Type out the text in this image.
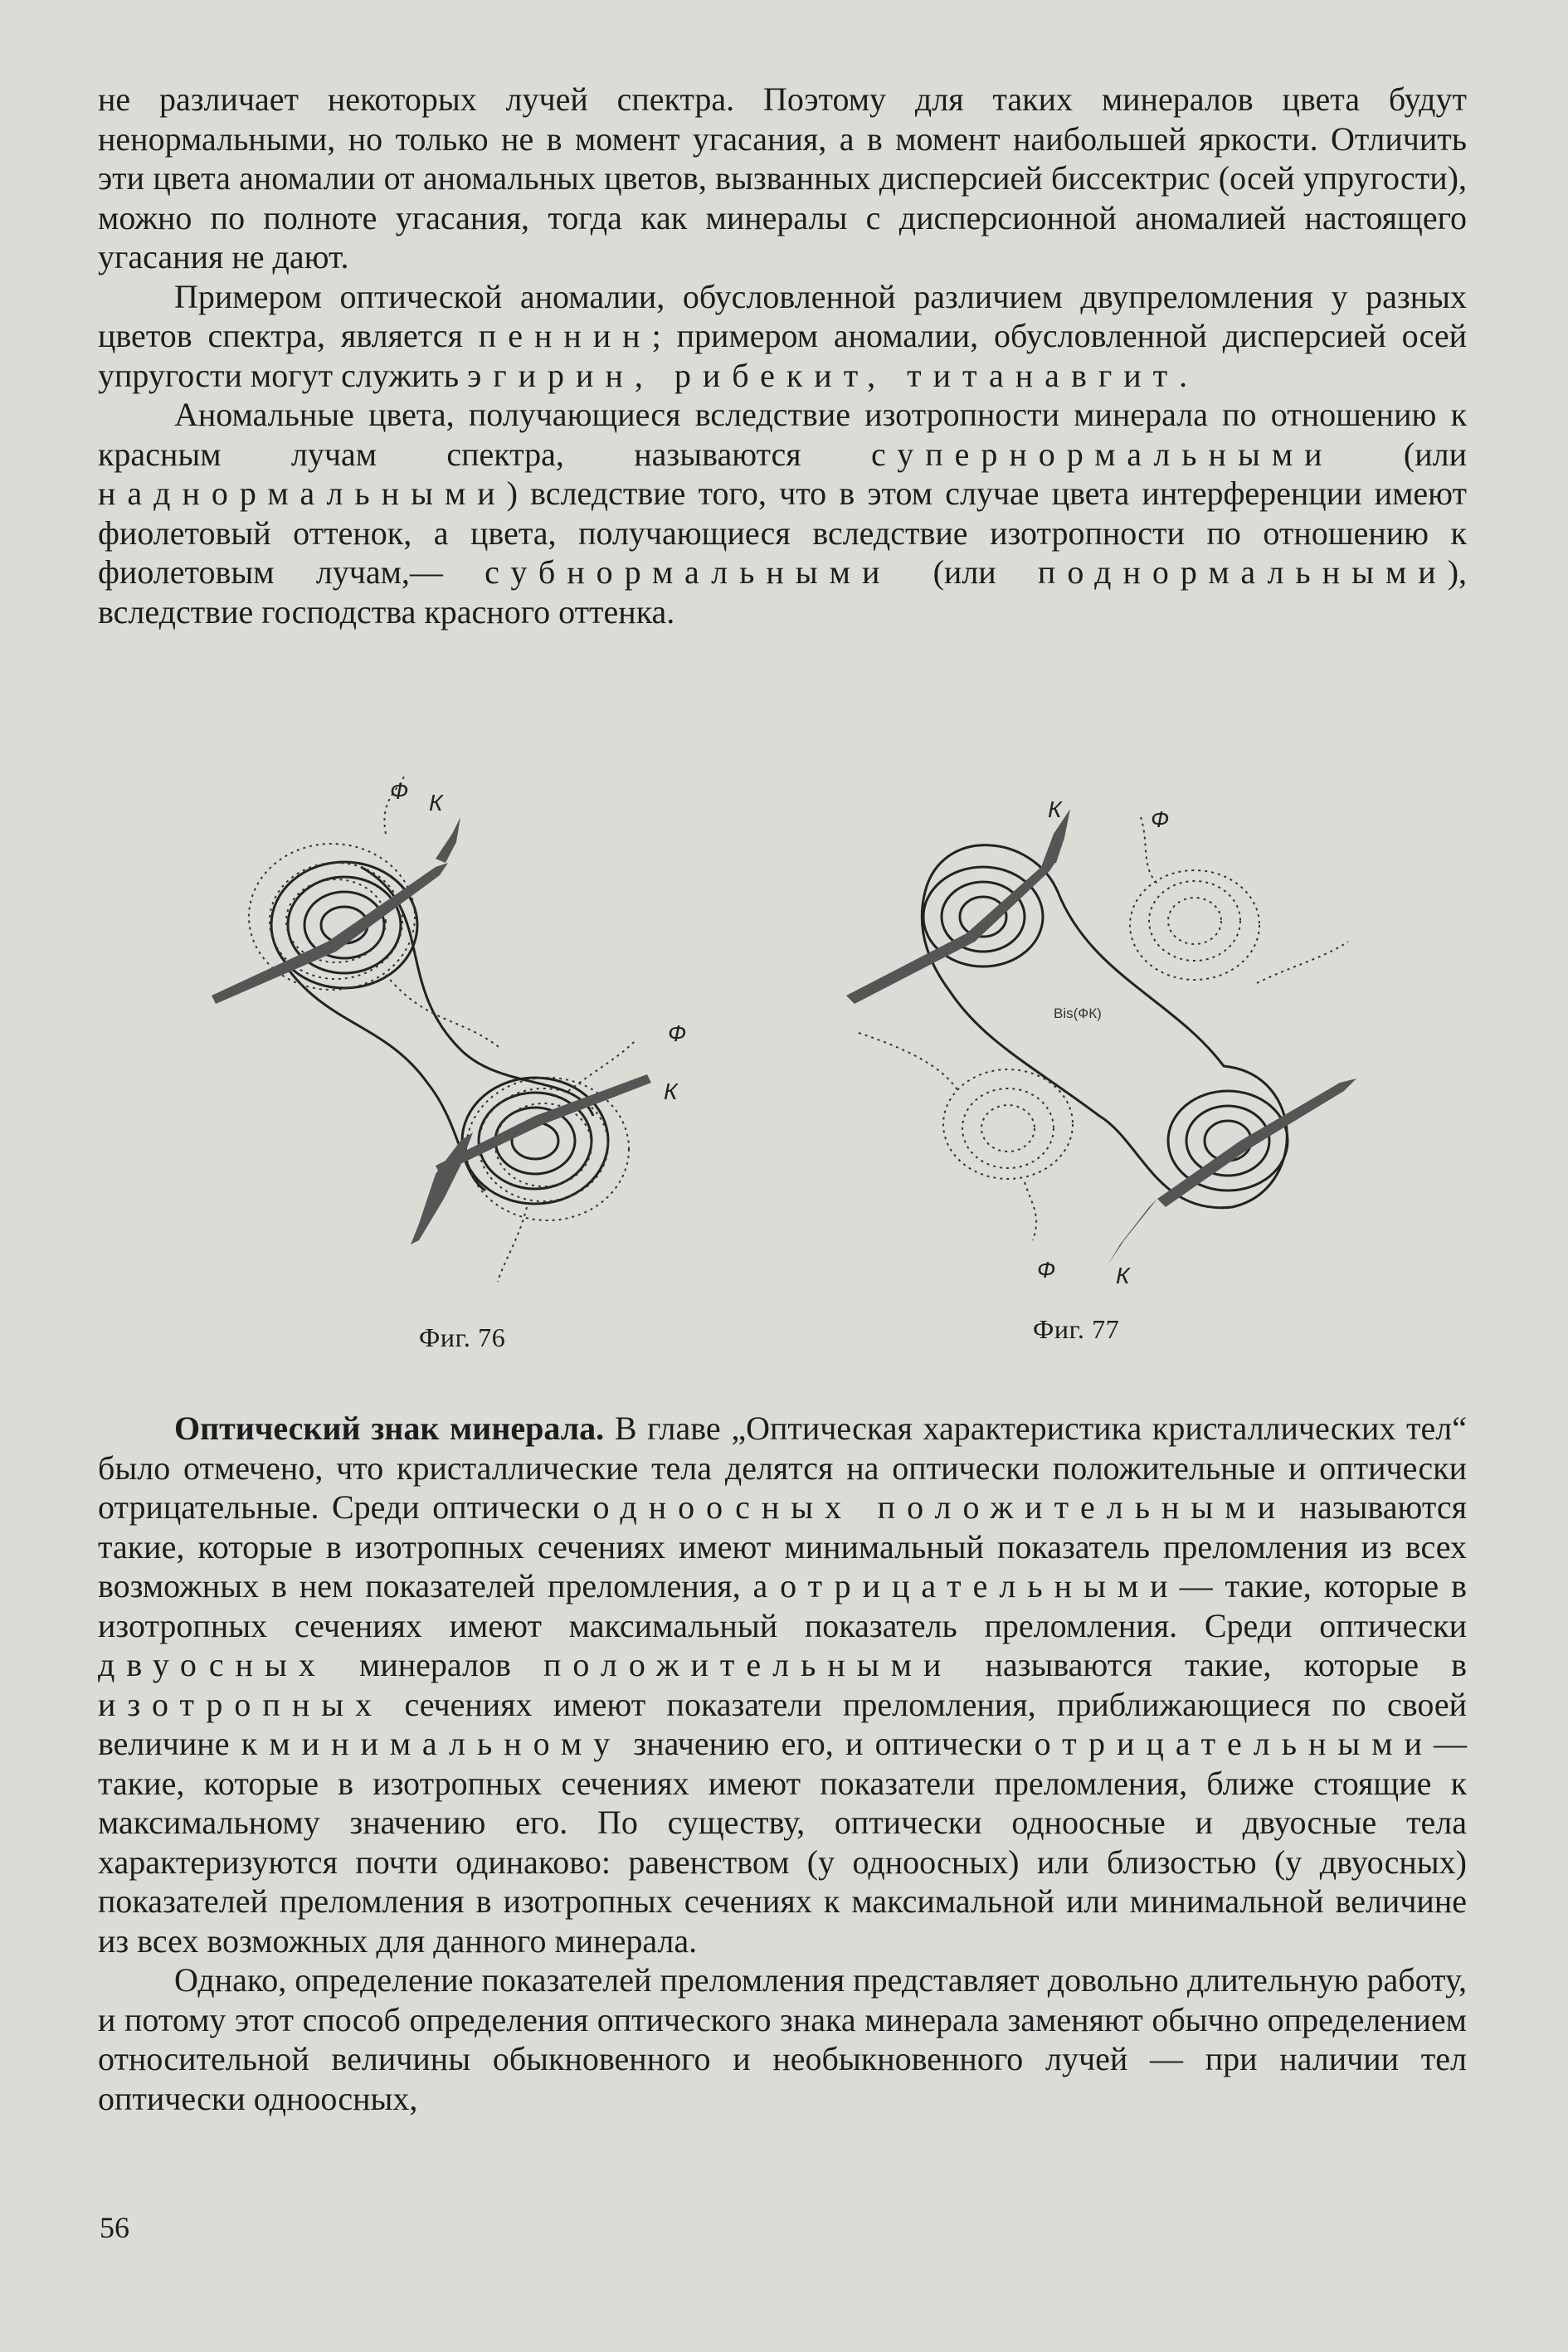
не различает некоторых лучей спектра. Поэтому для таких минералов цвета будут ненормальными, но только не в момент угасания, а в момент наибольшей яркости. Отличить эти цвета аномалии от аномальных цветов, вызванных дисперсией биссектрис (осей упругости), можно по полноте угасания, тогда как минералы с дисперсионной аномалией настоящего угасания не дают.

Примером оптической аномалии, обусловленной различием двупреломления у разных цветов спектра, является пеннин; примером аномалии, обусловленной дисперсией осей упругости могут служить эгирин, рибекит, титанавгит.

Аномальные цвета, получающиеся вследствие изотропности минерала по отношению к красным лучам спектра, называются супернормальными (или наднормальными) вследствие того, что в этом случае цвета интерференции имеют фиолетовый оттенок, а цвета, получающиеся вследствие изотропности по отношению к фиолетовым лучам,— субнормальными (или поднормальными), вследствие господства красного оттенка.

Ф К
Ф
К
Фиг. 76
К	Ф
Bis(ФК)
Ф	К
Фиг. 77

Оптический знак минерала. В главе „Оптическая характеристика кристаллических тел“ было отмечено, что кристаллические тела делятся на оптически положительные и оптически отрицательные. Среди оптически одноосных положительными называются такие, которые в изотропных сечениях имеют минимальный показатель преломления из всех возможных в нем показателей преломления, а отрицательными— такие, которые в изотропных сечениях имеют максимальный показатель преломления. Среди оптически двуосных минералов положительными называются такие, которые в изотропных сечениях имеют показатели преломления, приближающиеся по своей величине к минимальному значению его, и оптически отрицательными— такие, которые в изотропных сечениях имеют показатели преломления, ближе стоящие к максимальному значению его. По существу, оптически одноосные и двуосные тела характеризуются почти одинаково: равенством (у одноосных) или близостью (у двуосных) показателей преломления в изотропных сечениях к максимальной или минимальной величине из всех возможных для данного минерала.

Однако, определение показателей преломления представляет довольно длительную работу, и потому этот способ определения оптического знака минерала заменяют обычно определением относительной величины обыкновенного и необыкновенного лучей — при наличии тел оптически одноосных,

56
